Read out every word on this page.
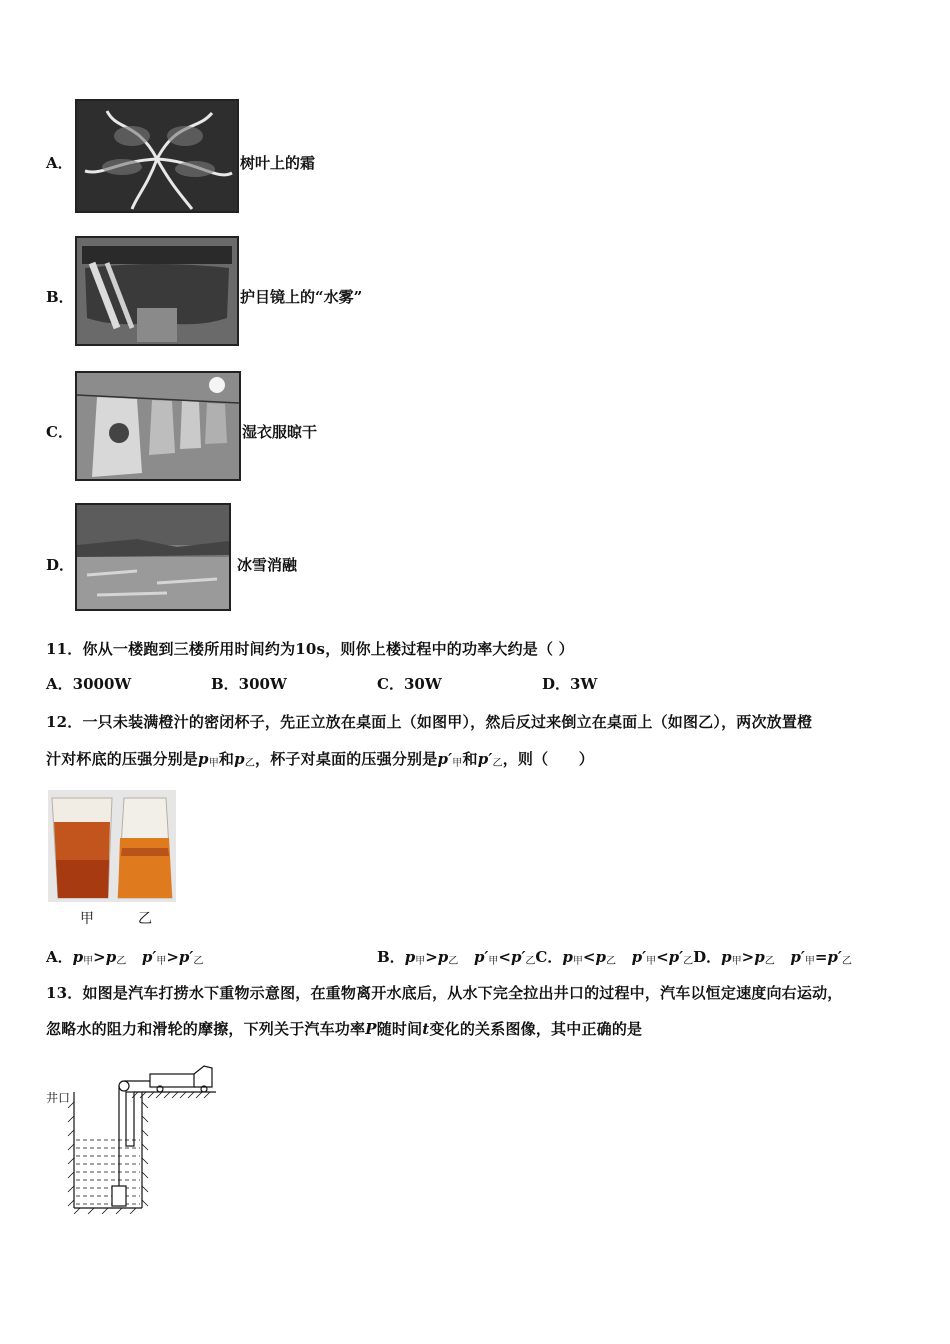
A．	树叶上的霜
B．	护目镜上的“水雾”
C．	湿衣服晾干
D．	冰雪消融
11．你从一楼跑到三楼所用时间约为10s，则你上楼过程中的功率大约是（ ）
A．3000W	B．300W	C．30W	D．3W
12．一只未装满橙汁的密闭杯子，先正立放在桌面上（如图甲），然后反过来倒立在桌面上（如图乙），两次放置橙
汁对杯底的压强分别是$p_甲$和$p_乙$，杯子对桌面的压强分别是$p'_甲$和$p'_乙$，则（　　）
甲	乙
A．$p_甲>p_乙$ $p'_甲>p'_乙$	B．$p_甲>p_乙$ $p'_甲<p'_乙C$．$p_甲<p_乙$ $p'_甲<p'_乙D$．$p_甲>p_乙$ $p'_甲=p'_乙$
13．如图是汽车打捞水下重物示意图，在重物离开水底后，从水下完全拉出井口的过程中，汽车以恒定速度向右运动，
忽略水的阻力和滑轮的摩擦，下列关于汽车功率P随时间t变化的关系图像，其中正确的是
井口
